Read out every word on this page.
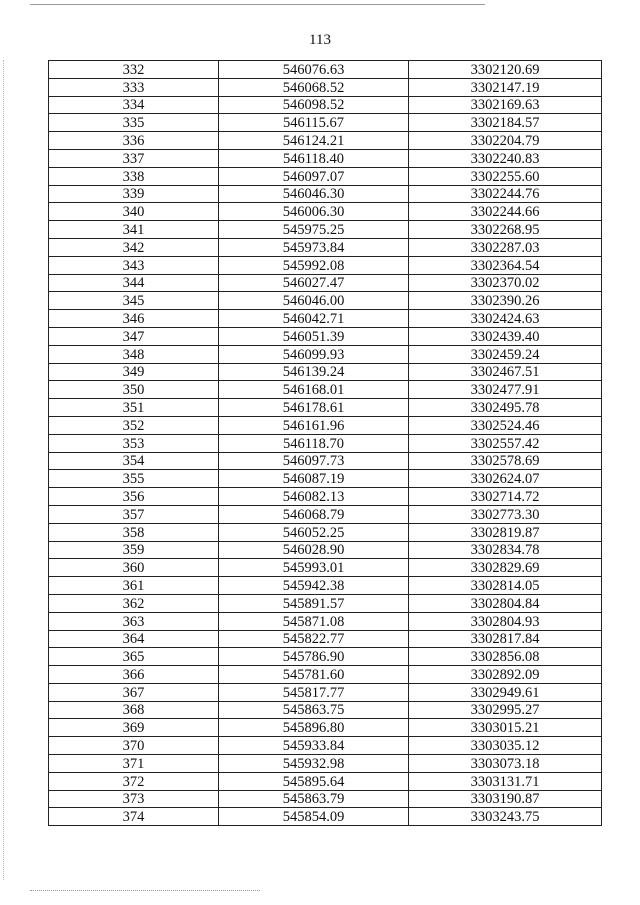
113
332	546076.63	3302120.69
333	546068.52	3302147.19
334	546098.52	3302169.63
335	546115.67	3302184.57
336	546124.21	3302204.79
337	546118.40	3302240.83
338	546097.07	3302255.60
339	546046.30	3302244.76
340	546006.30	3302244.66
341	545975.25	3302268.95
342	545973.84	3302287.03
343	545992.08	3302364.54
344	546027.47	3302370.02
345	546046.00	3302390.26
346	546042.71	3302424.63
347	546051.39	3302439.40
348	546099.93	3302459.24
349	546139.24	3302467.51
350	546168.01	3302477.91
351	546178.61	3302495.78
352	546161.96	3302524.46
353	546118.70	3302557.42
354	546097.73	3302578.69
355	546087.19	3302624.07
356	546082.13	3302714.72
357	546068.79	3302773.30
358	546052.25	3302819.87
359	546028.90	3302834.78
360	545993.01	3302829.69
361	545942.38	3302814.05
362	545891.57	3302804.84
363	545871.08	3302804.93
364	545822.77	3302817.84
365	545786.90	3302856.08
366	545781.60	3302892.09
367	545817.77	3302949.61
368	545863.75	3302995.27
369	545896.80	3303015.21
370	545933.84	3303035.12
371	545932.98	3303073.18
372	545895.64	3303131.71
373	545863.79	3303190.87
374	545854.09	3303243.75
